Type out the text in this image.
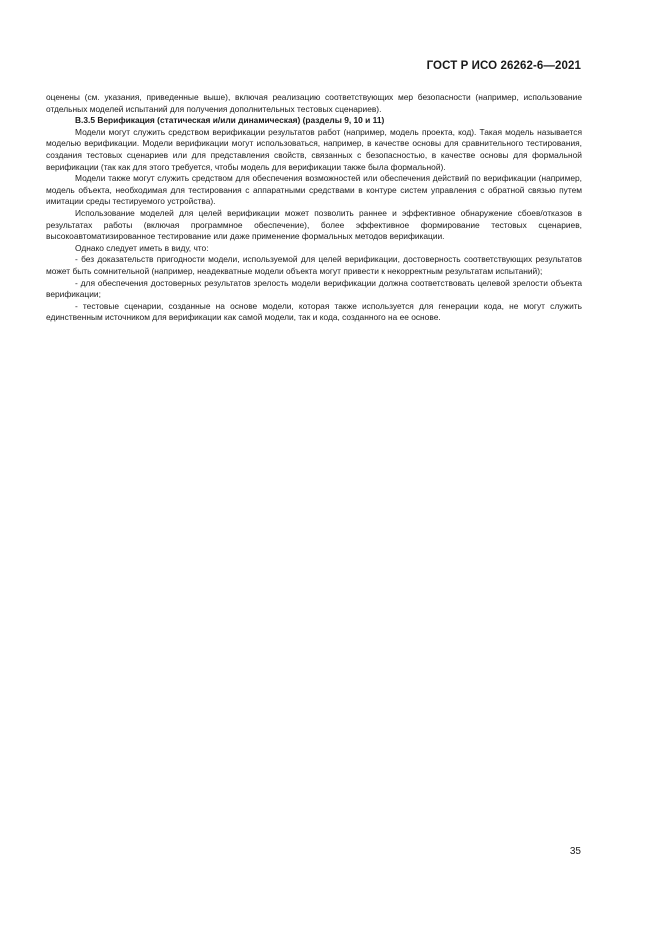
ГОСТ Р ИСО 26262-6—2021

оценены (см. указания, приведенные выше), включая реализацию соответствующих мер безопасности (например, использование отдельных моделей испытаний для получения дополнительных тестовых сценариев).

В.3.5 Верификация (статическая и/или динамическая) (разделы 9, 10 и 11)

Модели могут служить средством верификации результатов работ (например, модель проекта, код). Такая модель называется моделью верификации. Модели верификации могут использоваться, например, в качестве основы для сравнительного тестирования, создания тестовых сценариев или для представления свойств, связанных с безопасностью, в качестве основы для формальной верификации (так как для этого требуется, чтобы модель для верификации также была формальной).

Модели также могут служить средством для обеспечения возможностей или обеспечения действий по верификации (например, модель объекта, необходимая для тестирования с аппаратными средствами в контуре систем управления с обратной связью путем имитации среды тестируемого устройства).

Использование моделей для целей верификации может позволить раннее и эффективное обнаружение сбоев/отказов в результатах работы (включая программное обеспечение), более эффективное формирование тестовых сценариев, высокоавтоматизированное тестирование или даже применение формальных методов верификации.

Однако следует иметь в виду, что:

- без доказательств пригодности модели, используемой для целей верификации, достоверность соответствующих результатов может быть сомнительной (например, неадекватные модели объекта могут привести к некорректным результатам испытаний);

- для обеспечения достоверных результатов зрелость модели верификации должна соответствовать целевой зрелости объекта верификации;

- тестовые сценарии, созданные на основе модели, которая также используется для генерации кода, не могут служить единственным источником для верификации как самой модели, так и кода, созданного на ее основе.

35
